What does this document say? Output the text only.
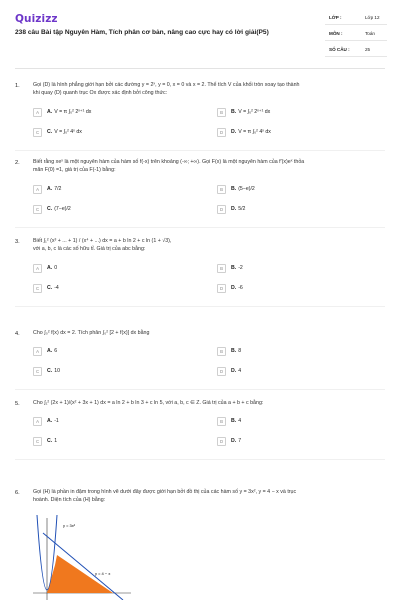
Quizizz
238 câu Bài tập Nguyên Hàm, Tích phân cơ bản, nâng cao cực hay có lời giải(P5)
LỚP :	Lớp 12
MÔN :	Toán
SỐ CÂU :	25
1.	Gọi (D) là hình phẳng giới hạn bởi các đường y = 2ˣ, y = 0, x = 0 và x = 2. Thể tích V của khối tròn xoay tạo thành
khi quay (D) quanh trục Ox được xác định bởi công thức:
A	A. V = π ∫₀² 2ˣ⁺¹ dx	B	B. V = ∫₀² 2ˣ⁺¹ dx
C	C. V = ∫₀² 4ˣ dx	D	D. V = π ∫₀² 4ˣ dx
2.	Biết rằng xeˣ là một nguyên hàm của hàm số f(-x) trên khoảng (-∞; +∞). Gọi F(x) là một nguyên hàm của f′(x)eˣ thỏa
mãn F(0) =1, giá trị của F(-1) bằng:
A	A. 7/2	B	B. (5−e)/2
C	C. (7−e)/2	D	D. 5/2
3.	Biết ∫₁² (x³ + ... + 1) / (x⁴ + ...) dx = a + b ln 2 + c ln (1 + √3),
với a, b, c là các số hữu tỉ. Giá trị của abc bằng:
A	A. 0	B	B. -2
C	C. -4	D	D. -6
4.	Cho ∫₀² f(x) dx = 2. Tích phân ∫₀² [2 + f(x)] dx bằng
A	A. 6	B	B. 8
C	C. 10	D	D. 4
5.	Cho ∫₁² (2x + 1)/(x² + 3x + 1) dx = a ln 2 + b ln 3 + c ln 5, với a, b, c ∈ Z. Giá trị của a + b + c bằng:
A	A. -1	B	B. 4
C	C. 1	D	D. 7
6.	Gọi (H) là phần in đậm trong hình vẽ dưới đây được giới hạn bởi đồ thị của các hàm số y = 3x², y = 4 − x và trục
hoành. Diện tích của (H) bằng:
y = 3x²
y = 4 − x
